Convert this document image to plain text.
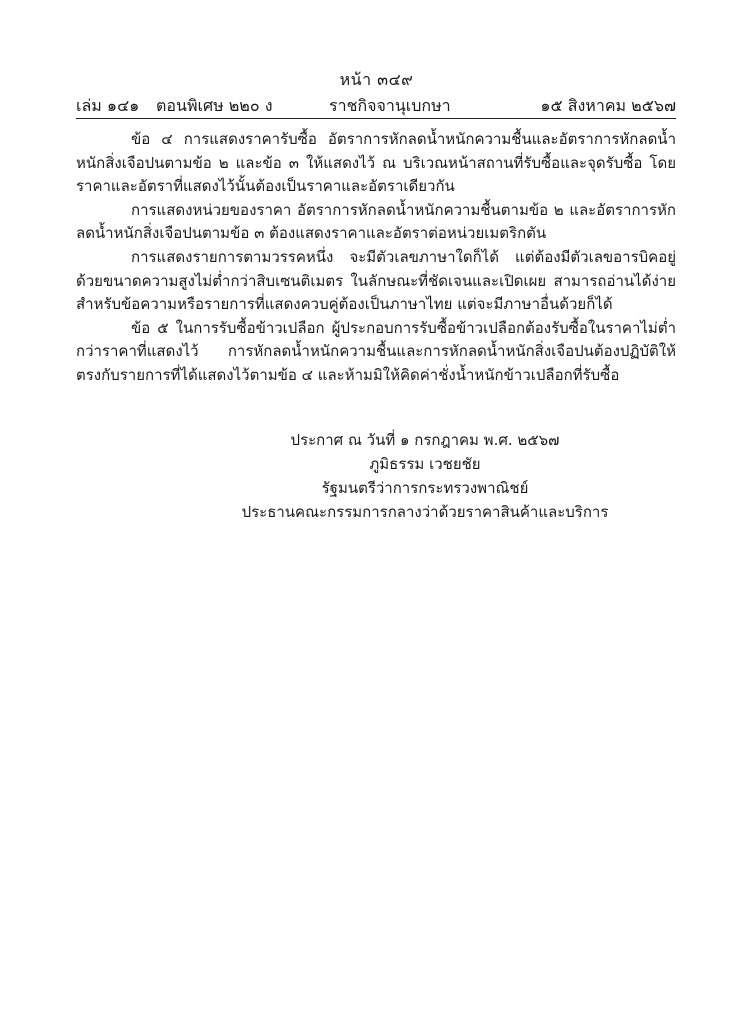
หน้า ๓๔๙
เล่ม ๑๔๑ ตอนพิเศษ ๒๒๐ ง	ราชกิจจานุเบกษา	๑๕ สิงหาคม ๒๕๖๗

ข้อ ๔ การแสดงราคารับซื้อ อัตราการหักลดน้ำหนักความชื้นและอัตราการหักลดน้ำหนักสิ่งเจือปนตามข้อ ๒ และข้อ ๓ ให้แสดงไว้ ณ บริเวณหน้าสถานที่รับซื้อและจุดรับซื้อ โดยราคาและอัตราที่แสดงไว้นั้นต้องเป็นราคาและอัตราเดียวกัน

การแสดงหน่วยของราคา อัตราการหักลดน้ำหนักความชื้นตามข้อ ๒ และอัตราการหักลดน้ำหนักสิ่งเจือปนตามข้อ ๓ ต้องแสดงราคาและอัตราต่อหน่วยเมตริกตัน

การแสดงรายการตามวรรคหนึ่ง จะมีตัวเลขภาษาใดก็ได้ แต่ต้องมีตัวเลขอารบิคอยู่ด้วยขนาดความสูงไม่ต่ำกว่าสิบเซนติเมตร ในลักษณะที่ชัดเจนและเปิดเผย สามารถอ่านได้ง่าย สำหรับข้อความหรือรายการที่แสดงควบคู่ต้องเป็นภาษาไทย แต่จะมีภาษาอื่นด้วยก็ได้

ข้อ ๕ ในการรับซื้อข้าวเปลือก ผู้ประกอบการรับซื้อข้าวเปลือกต้องรับซื้อในราคาไม่ต่ำกว่าราคาที่แสดงไว้ การหักลดน้ำหนักความชื้นและการหักลดน้ำหนักสิ่งเจือปนต้องปฏิบัติให้ตรงกับรายการที่ได้แสดงไว้ตามข้อ ๔ และห้ามมิให้คิดค่าชั่งน้ำหนักข้าวเปลือกที่รับซื้อ

ประกาศ ณ วันที่ ๑ กรกฎาคม พ.ศ. ๒๕๖๗
ภูมิธรรม เวชยชัย
รัฐมนตรีว่าการกระทรวงพาณิชย์
ประธานคณะกรรมการกลางว่าด้วยราคาสินค้าและบริการ
